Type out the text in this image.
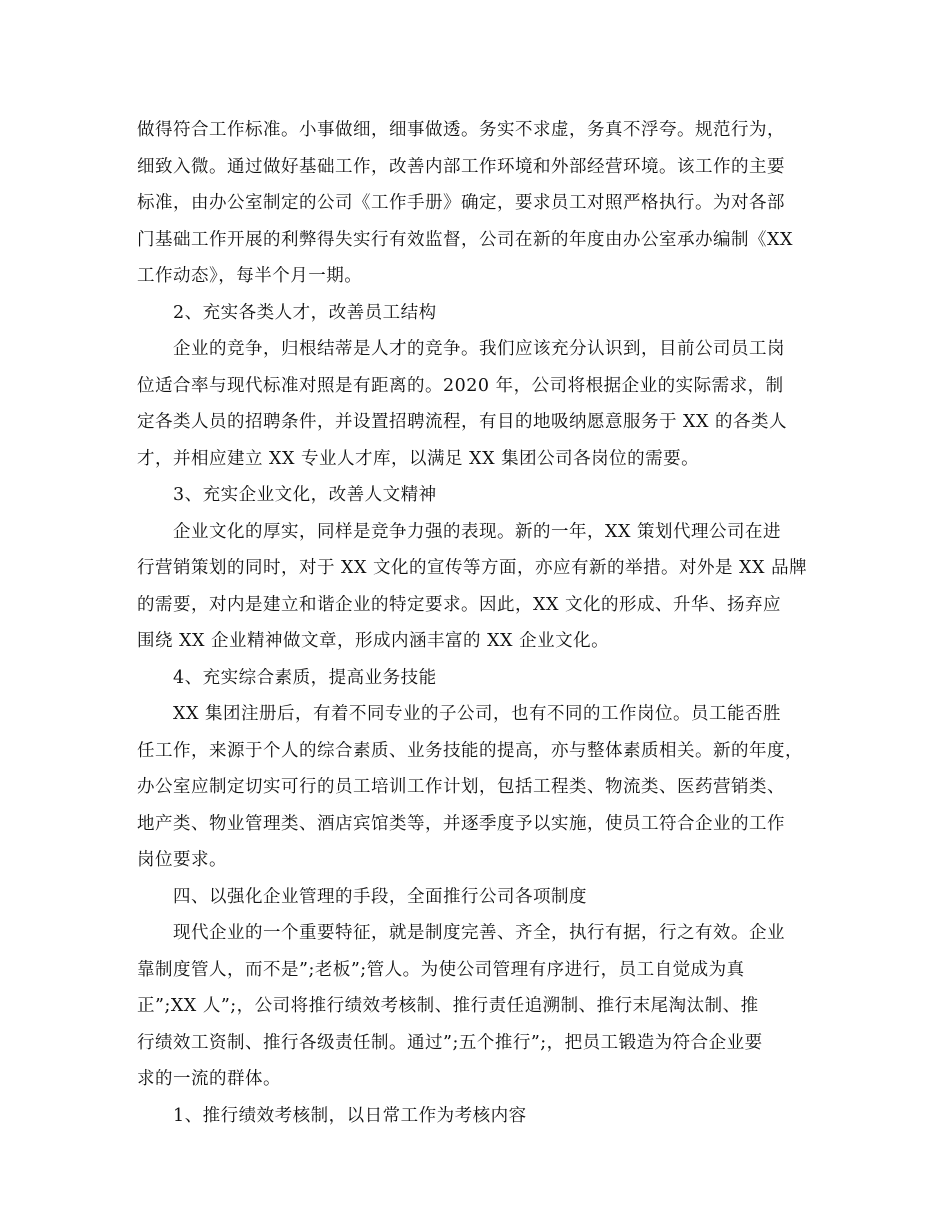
做得符合工作标准。小事做细，细事做透。务实不求虚，务真不浮夸。规范行为，
细致入微。通过做好基础工作，改善内部工作环境和外部经营环境。该工作的主要
标准，由办公室制定的公司《工作手册》确定，要求员工对照严格执行。为对各部
门基础工作开展的利弊得失实行有效监督，公司在新的年度由办公室承办编制《XX
工作动态》，每半个月一期。
2、充实各类人才，改善员工结构
企业的竞争，归根结蒂是人才的竞争。我们应该充分认识到，目前公司员工岗
位适合率与现代标准对照是有距离的。2020 年，公司将根据企业的实际需求，制
定各类人员的招聘条件，并设置招聘流程，有目的地吸纳愿意服务于 XX 的各类人
才，并相应建立 XX 专业人才库，以满足 XX 集团公司各岗位的需要。
3、充实企业文化，改善人文精神
企业文化的厚实，同样是竞争力强的表现。新的一年，XX 策划代理公司在进
行营销策划的同时，对于 XX 文化的宣传等方面，亦应有新的举措。对外是 XX 品牌
的需要，对内是建立和谐企业的特定要求。因此，XX 文化的形成、升华、扬弃应
围绕 XX 企业精神做文章，形成内涵丰富的 XX 企业文化。
4、充实综合素质，提高业务技能
XX 集团注册后，有着不同专业的子公司，也有不同的工作岗位。员工能否胜
任工作，来源于个人的综合素质、业务技能的提高，亦与整体素质相关。新的年度，
办公室应制定切实可行的员工培训工作计划，包括工程类、物流类、医药营销类、
地产类、物业管理类、酒店宾馆类等，并逐季度予以实施，使员工符合企业的工作
岗位要求。
四、以强化企业管理的手段，全面推行公司各项制度
现代企业的一个重要特征，就是制度完善、齐全，执行有据，行之有效。企业
靠制度管人，而不是”;老板”;管人。为使公司管理有序进行，员工自觉成为真
正”;XX 人”;，公司将推行绩效考核制、推行责任追溯制、推行末尾淘汰制、推
行绩效工资制、推行各级责任制。通过”;五个推行”;，把员工锻造为符合企业要
求的一流的群体。
1、推行绩效考核制，以日常工作为考核内容
